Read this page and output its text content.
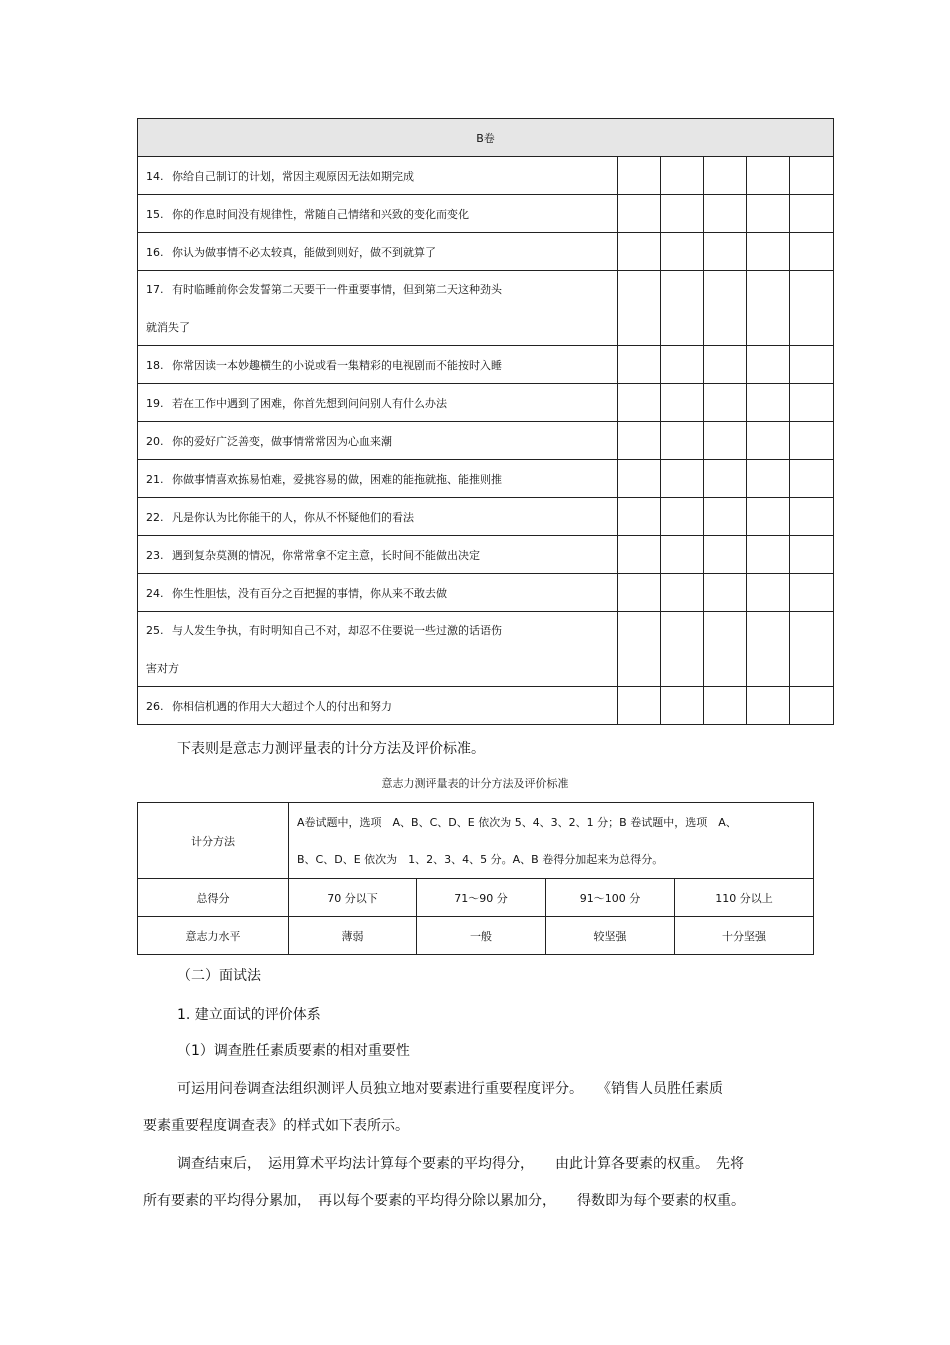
B卷					

14. 你给自己制订的计划，常因主观原因无法如期完成					

15. 你的作息时间没有规律性，常随自己情绪和兴致的变化而变化					

16. 你认为做事情不必太较真，能做到则好，做不到就算了					

17. 有时临睡前你会发誓第二天要干一件重要事情，但到第二天这种劲头
就消失了					

18. 你常因读一本妙趣横生的小说或看一集精彩的电视剧而不能按时入睡					

19. 若在工作中遇到了困难，你首先想到问问别人有什么办法					

20. 你的爱好广泛善变，做事情常常因为心血来潮					

21. 你做事情喜欢拣易怕难，爱挑容易的做，困难的能拖就拖、能推则推					

22. 凡是你认为比你能干的人，你从不怀疑他们的看法					

23. 遇到复杂莫测的情况，你常常拿不定主意，长时间不能做出决定					

24. 你生性胆怯，没有百分之百把握的事情，你从来不敢去做					

25. 与人发生争执，有时明知自己不对，却忍不住要说一些过激的话语伤
害对方					

26. 你相信机遇的作用大大超过个人的付出和努力					

下表则是意志力测评量表的计分方法及评价标准。
意志力测评量表的计分方法及评价标准
计分方法	A卷试题中，选项　A、B、C、D、E 依次为 5、4、3、2、1 分；B 卷试题中，选项　A、
B、C、D、E 依次为　1、2、3、4、5 分。A、B 卷得分加起来为总得分。			

总得分	70 分以下	71～90 分	91～100 分	110 分以上
意志力水平	薄弱	一般	较坚强	十分坚强
（二）面试法
1. 建立面试的评价体系
（1）调查胜任素质要素的相对重要性
可运用问卷调查法组织测评人员独立地对要素进行重要程度评分。　　《销售人员胜任素质
要素重要程度调查表》的样式如下表所示。
调查结束后，　运用算术平均法计算每个要素的平均得分，　　由此计算各要素的权重。　先将
所有要素的平均得分累加，　再以每个要素的平均得分除以累加分，　　得数即为每个要素的权重。
